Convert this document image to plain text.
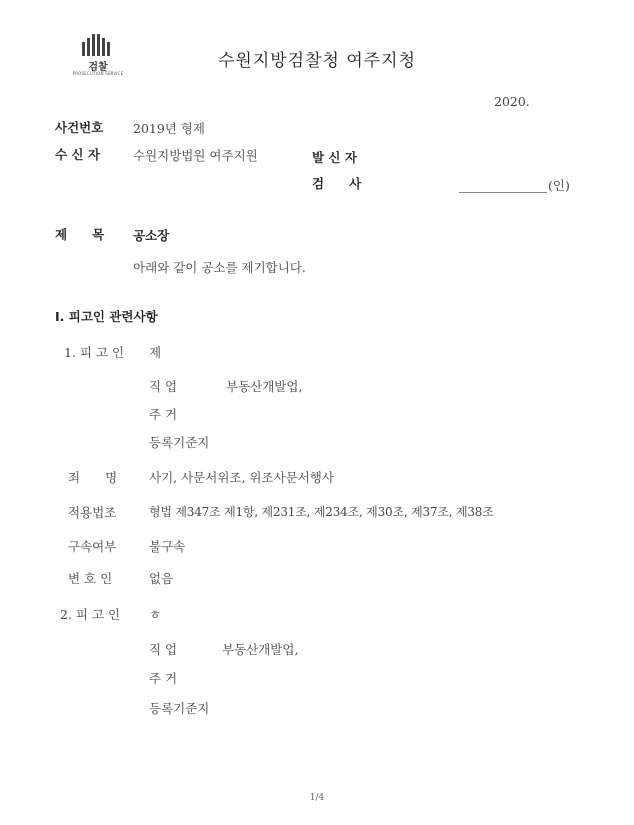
검찰
PROSECUTION SERVICE
수원지방검찰청 여주지청
2020.
사건번호 2019년 형제
수 신 자	수원지방법원 여주지원	발 신 자
검　　사	(인)
제　　목 공소장
아래와 같이 공소를 제기합니다.
Ⅰ. 피고인 관련사항
1. 피 고 인 제
직 업	부동산개발업,
주 거
등록기준지
죄　　명	사기, 사문서위조, 위조사문서행사
적용법조	형법 제347조 제1항, 제231조, 제234조, 제30조, 제37조, 제38조
구속여부	불구속
변 호 인	없음
2. 피 고 인 ㅎ
직 업	부동산개발업,
주 거
등록기준지
1/4
